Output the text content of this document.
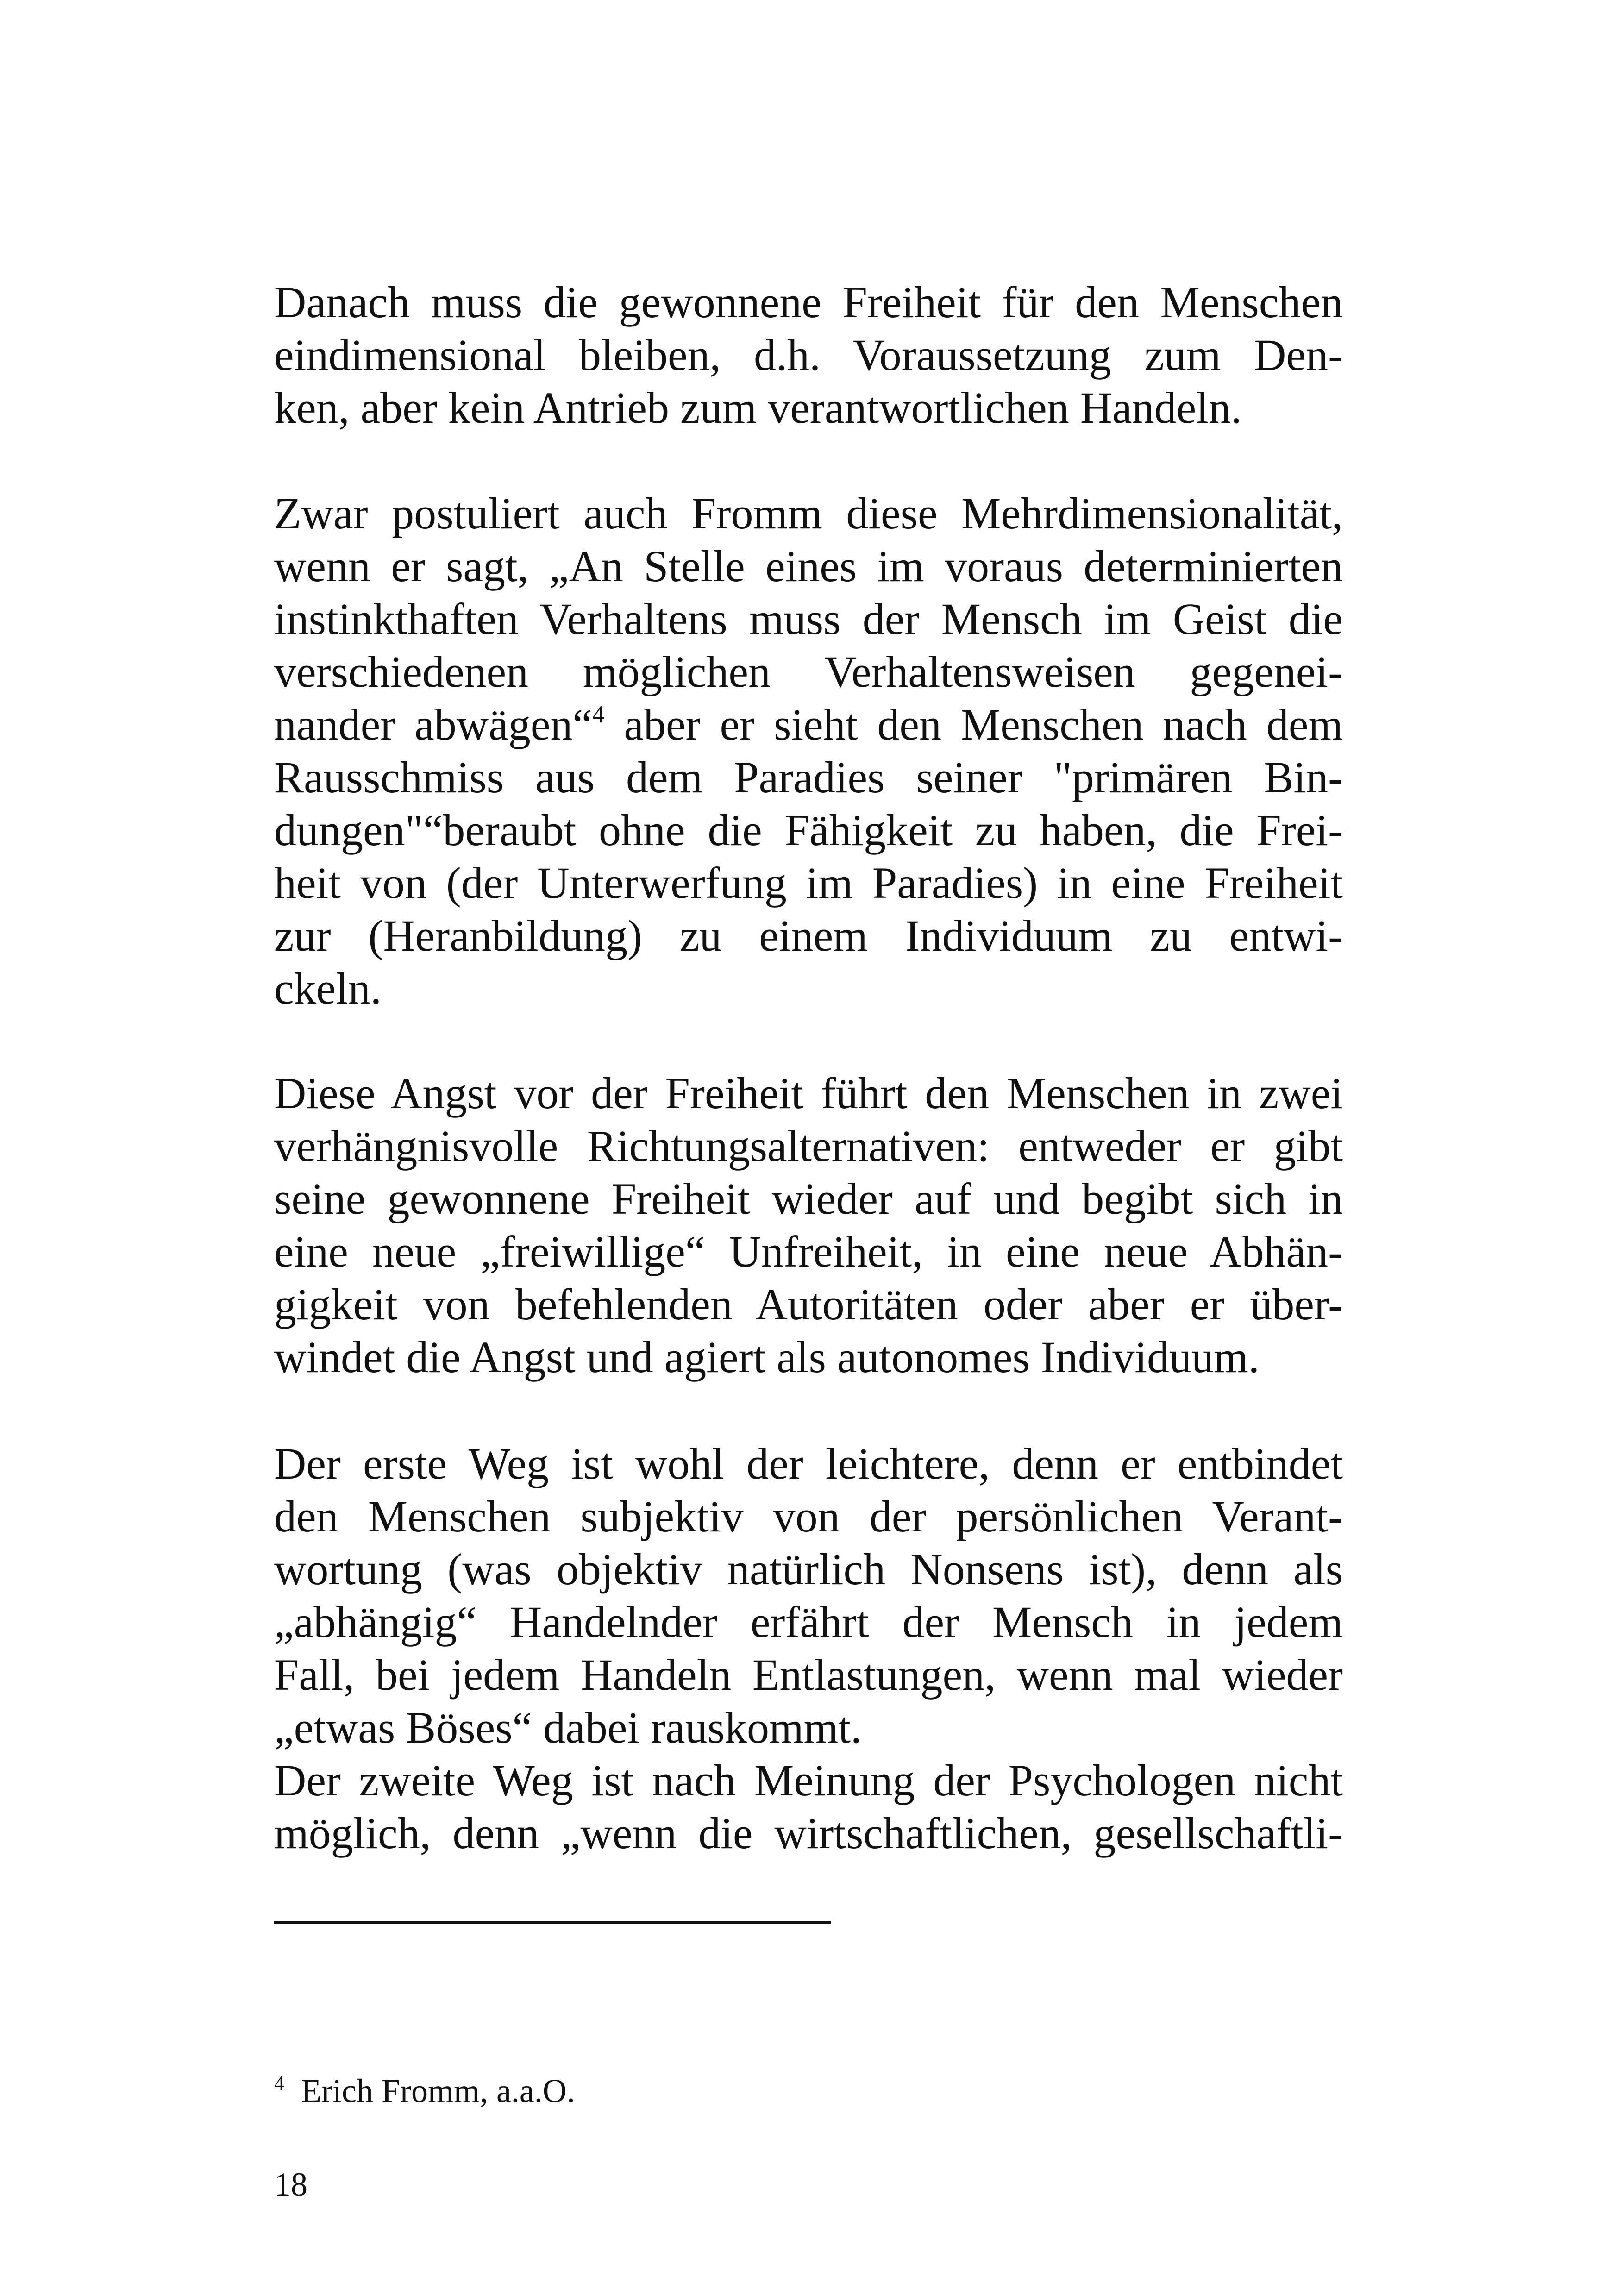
Danach muss die gewonnene Freiheit für den Menschen
eindimensional bleiben, d.h. Voraussetzung zum Den-
ken, aber kein Antrieb zum verantwortlichen Handeln.
Zwar postuliert auch Fromm diese Mehrdimensionalität,
wenn er sagt, „An Stelle eines im voraus determinierten
instinkthaften Verhaltens muss der Mensch im Geist die
verschiedenen möglichen Verhaltensweisen gegenei-
nander abwägen“$^4$ aber er sieht den Menschen nach dem
Rausschmiss aus dem Paradies seiner "primären Bin-
dungen"“beraubt ohne die Fähigkeit zu haben, die Frei-
heit von (der Unterwerfung im Paradies) in eine Freiheit
zur (Heranbildung) zu einem Individuum zu entwi-
ckeln.
Diese Angst vor der Freiheit führt den Menschen in zwei
verhängnisvolle Richtungsalternativen: entweder er gibt
seine gewonnene Freiheit wieder auf und begibt sich in
eine neue „freiwillige“ Unfreiheit, in eine neue Abhän-
gigkeit von befehlenden Autoritäten oder aber er über-
windet die Angst und agiert als autonomes Individuum.
Der erste Weg ist wohl der leichtere, denn er entbindet
den Menschen subjektiv von der persönlichen Verant-
wortung (was objektiv natürlich Nonsens ist), denn als
„abhängig“ Handelnder erfährt der Mensch in jedem
Fall, bei jedem Handeln Entlastungen, wenn mal wieder
„etwas Böses“ dabei rauskommt.
Der zweite Weg ist nach Meinung der Psychologen nicht
möglich, denn „wenn die wirtschaftlichen, gesellschaftli-
$^4$ Erich Fromm, a.a.O.
18
